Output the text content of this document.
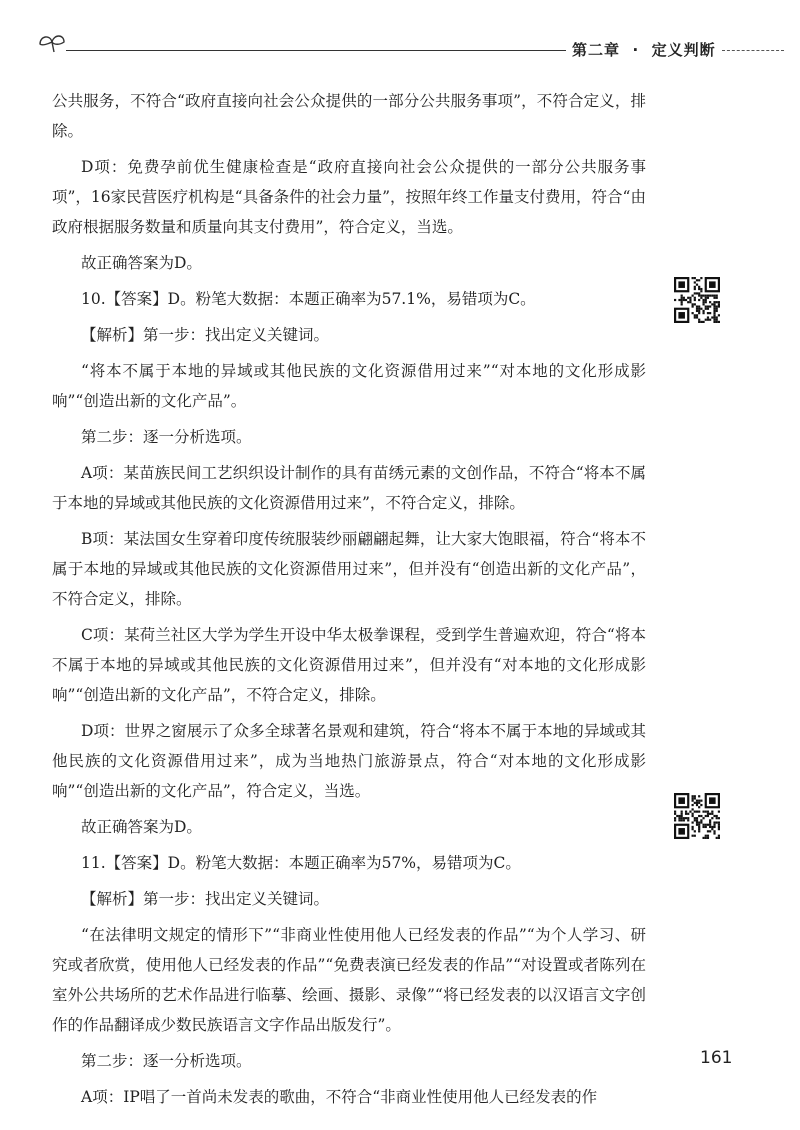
第二章  ·  定义判断

公共服务，不符合“政府直接向社会公众提供的一部分公共服务事项”，不符合定义，排除。

D项：免费孕前优生健康检查是“政府直接向社会公众提供的一部分公共服务事项”，16家民营医疗机构是“具备条件的社会力量”，按照年终工作量支付费用，符合“由政府根据服务数量和质量向其支付费用”，符合定义，当选。

故正确答案为D。

10.【答案】D。粉笔大数据：本题正确率为57.1%，易错项为C。

【解析】第一步：找出定义关键词。

“将本不属于本地的异域或其他民族的文化资源借用过来”“对本地的文化形成影响”“创造出新的文化产品”。

第二步：逐一分析选项。

A项：某苗族民间工艺织织设计制作的具有苗绣元素的文创作品，不符合“将本不属于本地的异域或其他民族的文化资源借用过来”，不符合定义，排除。

B项：某法国女生穿着印度传统服装纱丽翩翩起舞，让大家大饱眼福，符合“将本不属于本地的异域或其他民族的文化资源借用过来”，但并没有“创造出新的文化产品”，不符合定义，排除。

C项：某荷兰社区大学为学生开设中华太极拳课程，受到学生普遍欢迎，符合“将本不属于本地的异域或其他民族的文化资源借用过来”，但并没有“对本地的文化形成影响”“创造出新的文化产品”，不符合定义，排除。

D项：世界之窗展示了众多全球著名景观和建筑，符合“将本不属于本地的异域或其他民族的文化资源借用过来”，成为当地热门旅游景点，符合“对本地的文化形成影响”“创造出新的文化产品”，符合定义，当选。

故正确答案为D。

11.【答案】D。粉笔大数据：本题正确率为57%，易错项为C。

【解析】第一步：找出定义关键词。

“在法律明文规定的情形下”“非商业性使用他人已经发表的作品”“为个人学习、研究或者欣赏，使用他人已经发表的作品”“免费表演已经发表的作品”“对设置或者陈列在室外公共场所的艺术作品进行临摹、绘画、摄影、录像”“将已经发表的以汉语言文字创作的作品翻译成少数民族语言文字作品出版发行”。

第二步：逐一分析选项。

A项：IP唱了一首尚未发表的歌曲，不符合“非商业性使用他人已经发表的作

161
